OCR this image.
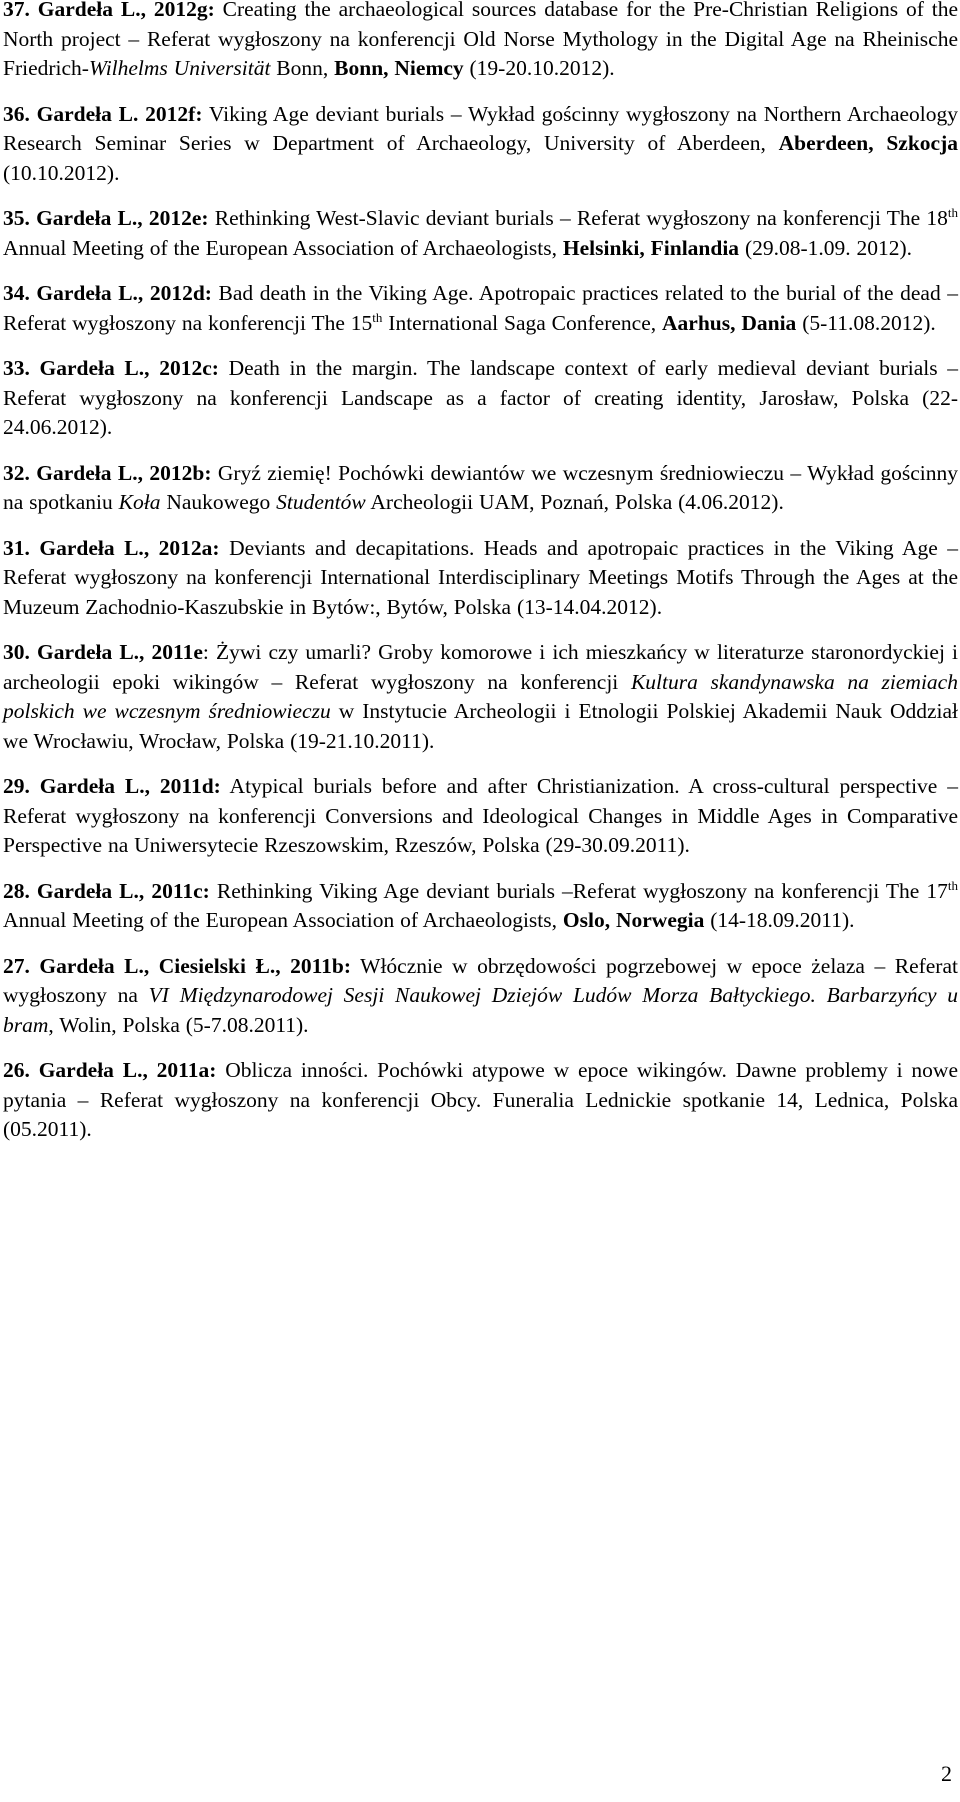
37. Gardeła L., 2012g: Creating the archaeological sources database for the Pre-Christian Religions of the North project – Referat wygłoszony na konferencji Old Norse Mythology in the Digital Age na Rheinische Friedrich-Wilhelms Universität Bonn, Bonn, Niemcy (19-20.10.2012).

36. Gardeła L. 2012f: Viking Age deviant burials – Wykład gościnny wygłoszony na Northern Archaeology Research Seminar Series w Department of Archaeology, University of Aberdeen, Aberdeen, Szkocja (10.10.2012).

35. Gardeła L., 2012e: Rethinking West-Slavic deviant burials – Referat wygłoszony na konferencji The 18th Annual Meeting of the European Association of Archaeologists, Helsinki, Finlandia (29.08-1.09. 2012).

34. Gardeła L., 2012d: Bad death in the Viking Age. Apotropaic practices related to the burial of the dead – Referat wygłoszony na konferencji The 15th International Saga Conference, Aarhus, Dania (5-11.08.2012).

33. Gardeła L., 2012c: Death in the margin. The landscape context of early medieval deviant burials – Referat wygłoszony na konferencji Landscape as a factor of creating identity, Jarosław, Polska (22-24.06.2012).

32. Gardeła L., 2012b: Gryź ziemię! Pochówki dewiantów we wczesnym średniowieczu – Wykład gościnny na spotkaniu Koła Naukowego Studentów Archeologii UAM, Poznań, Polska (4.06.2012).

31. Gardeła L., 2012a: Deviants and decapitations. Heads and apotropaic practices in the Viking Age – Referat wygłoszony na konferencji International Interdisciplinary Meetings Motifs Through the Ages at the Muzeum Zachodnio-Kaszubskie in Bytów:, Bytów, Polska (13-14.04.2012).

30. Gardeła L., 2011e: Żywi czy umarli? Groby komorowe i ich mieszkańcy w literaturze staronordyckiej i archeologii epoki wikingów – Referat wygłoszony na konferencji Kultura skandynawska na ziemiach polskich we wczesnym średniowieczu w Instytucie Archeologii i Etnologii Polskiej Akademii Nauk Oddział we Wrocławiu, Wrocław, Polska (19-21.10.2011).

29. Gardeła L., 2011d: Atypical burials before and after Christianization. A cross-cultural perspective – Referat wygłoszony na konferencji Conversions and Ideological Changes in Middle Ages in Comparative Perspective na Uniwersytecie Rzeszowskim, Rzeszów, Polska (29-30.09.2011).

28. Gardeła L., 2011c: Rethinking Viking Age deviant burials –Referat wygłoszony na konferencji The 17th Annual Meeting of the European Association of Archaeologists, Oslo, Norwegia (14-18.09.2011).

27. Gardeła L., Ciesielski Ł., 2011b: Włócznie w obrzędowości pogrzebowej w epoce żelaza – Referat wygłoszony na VI Międzynarodowej Sesji Naukowej Dziejów Ludów Morza Bałtyckiego. Barbarzyńcy u bram, Wolin, Polska (5-7.08.2011).

26. Gardeła L., 2011a: Oblicza inności. Pochówki atypowe w epoce wikingów. Dawne problemy i nowe pytania – Referat wygłoszony na konferencji Obcy. Funeralia Lednickie spotkanie 14, Lednica, Polska (05.2011).

2
